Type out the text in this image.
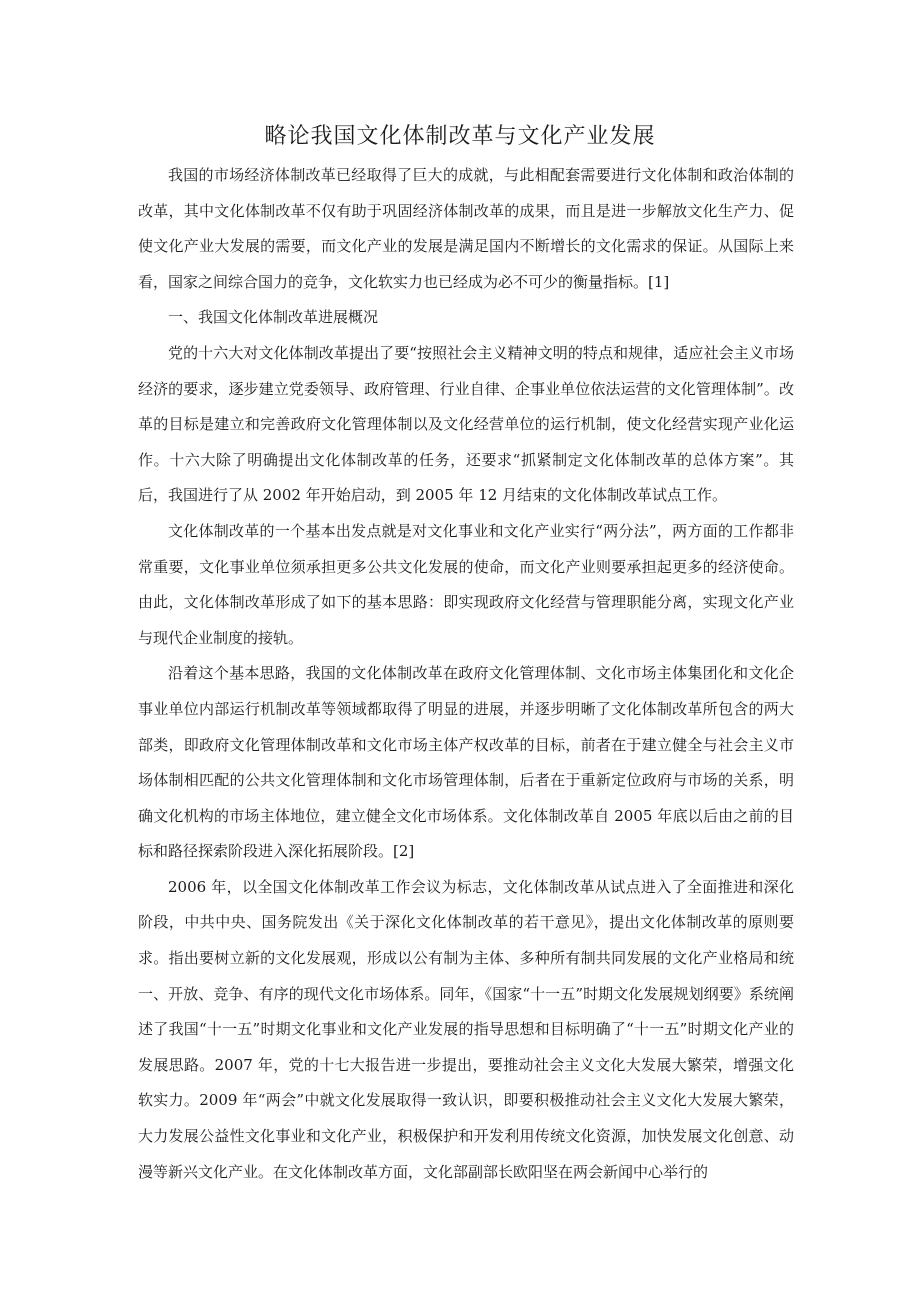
略论我国文化体制改革与文化产业发展

我国的市场经济体制改革已经取得了巨大的成就，与此相配套需要进行文化体制和政治体制的改革，其中文化体制改革不仅有助于巩固经济体制改革的成果，而且是进一步解放文化生产力、促使文化产业大发展的需要，而文化产业的发展是满足国内不断增长的文化需求的保证。从国际上来看，国家之间综合国力的竞争，文化软实力也已经成为必不可少的衡量指标。[1]

一、我国文化体制改革进展概况

党的十六大对文化体制改革提出了要“按照社会主义精神文明的特点和规律，适应社会主义市场经济的要求，逐步建立党委领导、政府管理、行业自律、企事业单位依法运营的文化管理体制”。改革的目标是建立和完善政府文化管理体制以及文化经营单位的运行机制，使文化经营实现产业化运作。十六大除了明确提出文化体制改革的任务，还要求“抓紧制定文化体制改革的总体方案”。其后，我国进行了从 2002 年开始启动，到 2005 年 12 月结束的文化体制改革试点工作。

文化体制改革的一个基本出发点就是对文化事业和文化产业实行“两分法”，两方面的工作都非常重要，文化事业单位须承担更多公共文化发展的使命，而文化产业则要承担起更多的经济使命。由此，文化体制改革形成了如下的基本思路：即实现政府文化经营与管理职能分离，实现文化产业与现代企业制度的接轨。

沿着这个基本思路，我国的文化体制改革在政府文化管理体制、文化市场主体集团化和文化企事业单位内部运行机制改革等领域都取得了明显的进展，并逐步明晰了文化体制改革所包含的两大部类，即政府文化管理体制改革和文化市场主体产权改革的目标，前者在于建立健全与社会主义市场体制相匹配的公共文化管理体制和文化市场管理体制，后者在于重新定位政府与市场的关系，明确文化机构的市场主体地位，建立健全文化市场体系。文化体制改革自 2005 年底以后由之前的目标和路径探索阶段进入深化拓展阶段。[2]

2006 年，以全国文化体制改革工作会议为标志，文化体制改革从试点进入了全面推进和深化阶段，中共中央、国务院发出《关于深化文化体制改革的若干意见》，提出文化体制改革的原则要求。指出要树立新的文化发展观，形成以公有制为主体、多种所有制共同发展的文化产业格局和统一、开放、竞争、有序的现代文化市场体系。同年，《国家“十一五”时期文化发展规划纲要》系统阐述了我国“十一五”时期文化事业和文化产业发展的指导思想和目标明确了“十一五”时期文化产业的发展思路。2007 年，党的十七大报告进一步提出，要推动社会主义文化大发展大繁荣，增强文化软实力。2009 年“两会”中就文化发展取得一致认识，即要积极推动社会主义文化大发展大繁荣，大力发展公益性文化事业和文化产业，积极保护和开发利用传统文化资源，加快发展文化创意、动漫等新兴文化产业。在文化体制改革方面，文化部副部长欧阳坚在两会新闻中心举行的
